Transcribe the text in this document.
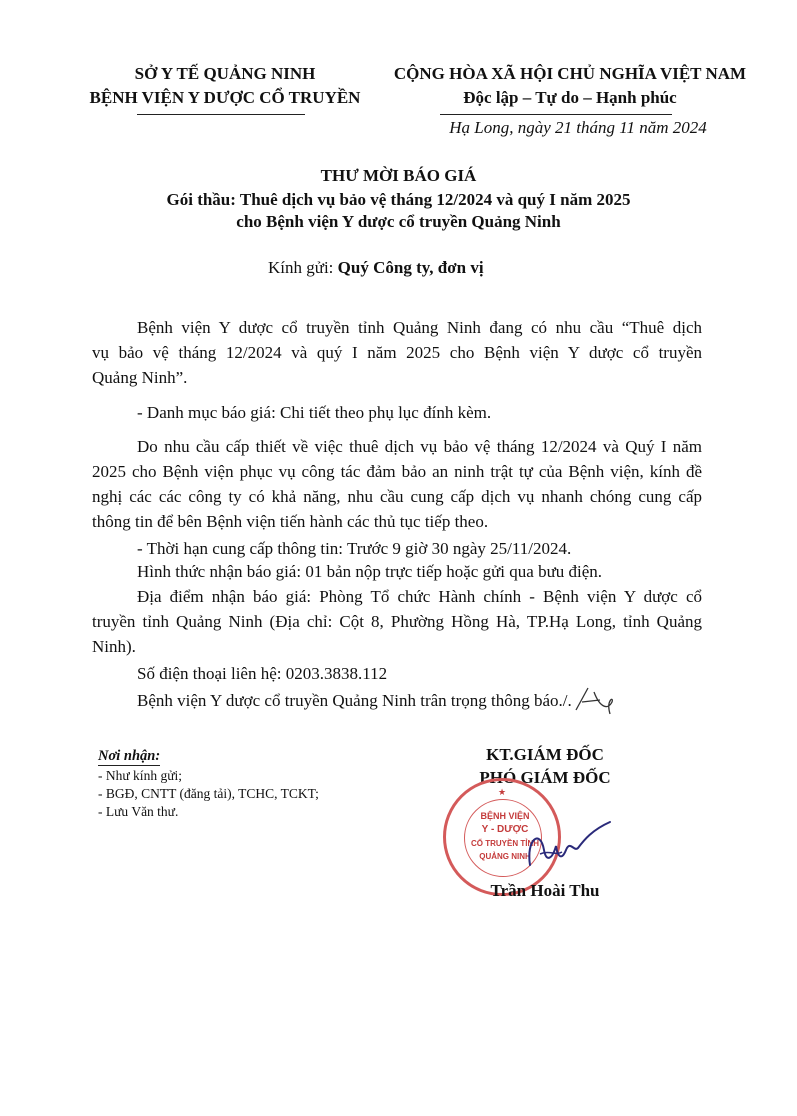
SỞ Y TẾ QUẢNG NINH
BỆNH VIỆN Y DƯỢC CỔ TRUYỀN
CỘNG HÒA XÃ HỘI CHỦ NGHĨA VIỆT NAM
Độc lập – Tự do – Hạnh phúc
Hạ Long, ngày 21 tháng 11 năm 2024
THƯ MỜI BÁO GIÁ
Gói thầu: Thuê dịch vụ bảo vệ tháng 12/2024 và quý I năm 2025
cho Bệnh viện Y dược cổ truyền Quảng Ninh
Kính gửi: Quý Công ty, đơn vị
Bệnh viện Y dược cổ truyền tỉnh Quảng Ninh đang có nhu cầu “Thuê dịch
vụ bảo vệ tháng 12/2024 và quý I năm 2025 cho Bệnh viện Y dược cổ truyền
Quảng Ninh”.
- Danh mục báo giá: Chi tiết theo phụ lục đính kèm.
Do nhu cầu cấp thiết về việc thuê dịch vụ bảo vệ tháng 12/2024 và Quý I năm
2025 cho Bệnh viện phục vụ công tác đảm bảo an ninh trật tự của Bệnh viện, kính đề
nghị các các công ty có khả năng, nhu cầu cung cấp dịch vụ nhanh chóng cung cấp
thông tin để bên Bệnh viện tiến hành các thủ tục tiếp theo.
- Thời hạn cung cấp thông tin: Trước 9 giờ 30 ngày 25/11/2024.
Hình thức nhận báo giá: 01 bản nộp trực tiếp hoặc gửi qua bưu điện.
Địa điểm nhận báo giá: Phòng Tổ chức Hành chính - Bệnh viện Y dược cổ
truyền tỉnh Quảng Ninh (Địa chỉ: Cột 8, Phường Hồng Hà, TP.Hạ Long, tỉnh Quảng
Ninh).
Số điện thoại liên hệ: 0203.3838.112
Bệnh viện Y dược cổ truyền Quảng Ninh trân trọng thông báo./.
Nơi nhận:
- Như kính gửi;
- BGĐ, CNTT (đăng tải), TCHC, TCKT;
- Lưu Văn thư.
KT.GIÁM ĐỐC
PHÓ GIÁM ĐỐC
BỆNH VIỆN
Y - DƯỢC
CỔ TRUYỀN TỈNH
QUẢNG NINH
★
Trần Hoài Thu
